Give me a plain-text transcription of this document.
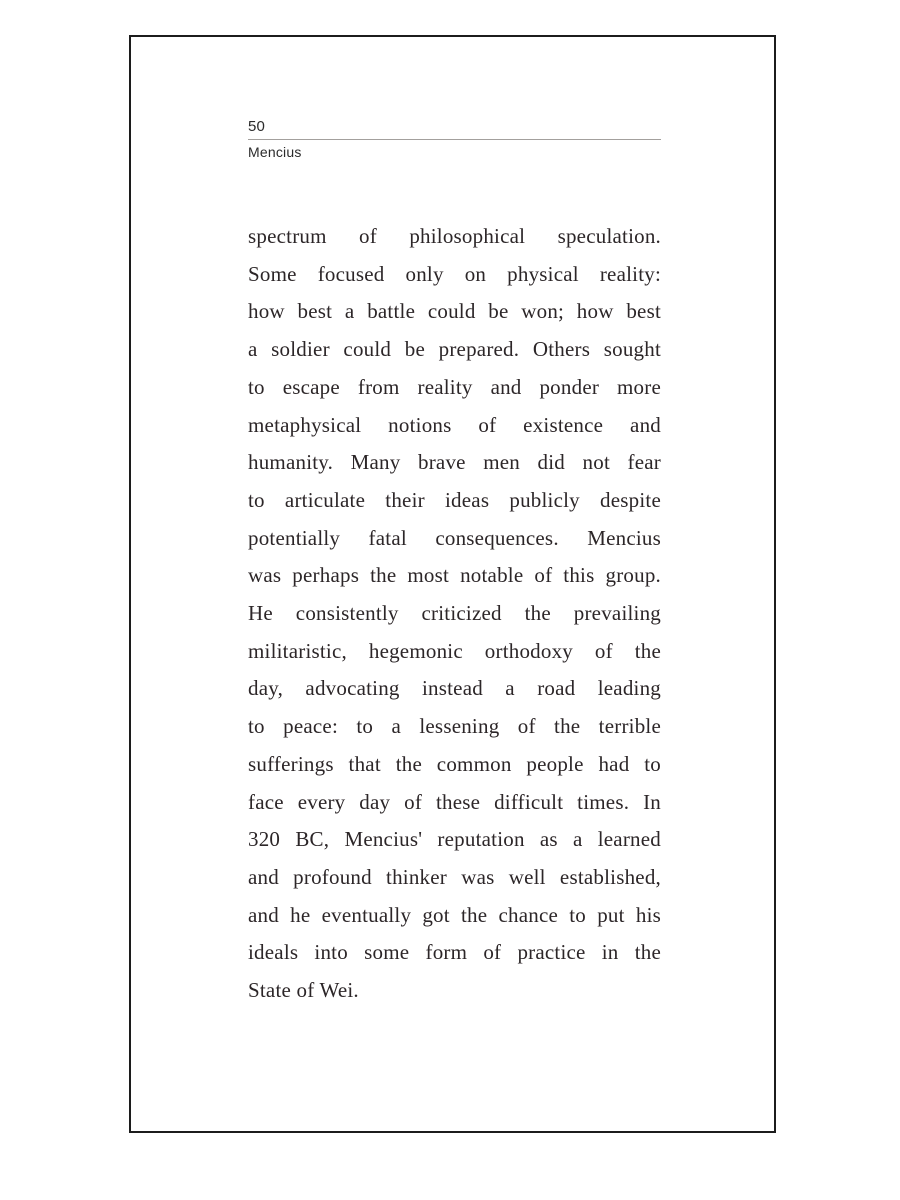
50
Mencius
spectrum of philosophical speculation.
Some focused only on physical reality:
how best a battle could be won; how best
a soldier could be prepared. Others sought
to escape from reality and ponder more
metaphysical notions of existence and
humanity. Many brave men did not fear
to articulate their ideas publicly despite
potentially fatal consequences. Mencius
was perhaps the most notable of this group.
He consistently criticized the prevailing
militaristic, hegemonic orthodoxy of the
day, advocating instead a road leading
to peace: to a lessening of the terrible
sufferings that the common people had to
face every day of these difficult times. In
320 BC, Mencius' reputation as a learned
and profound thinker was well established,
and he eventually got the chance to put his
ideals into some form of practice in the
State of Wei.
